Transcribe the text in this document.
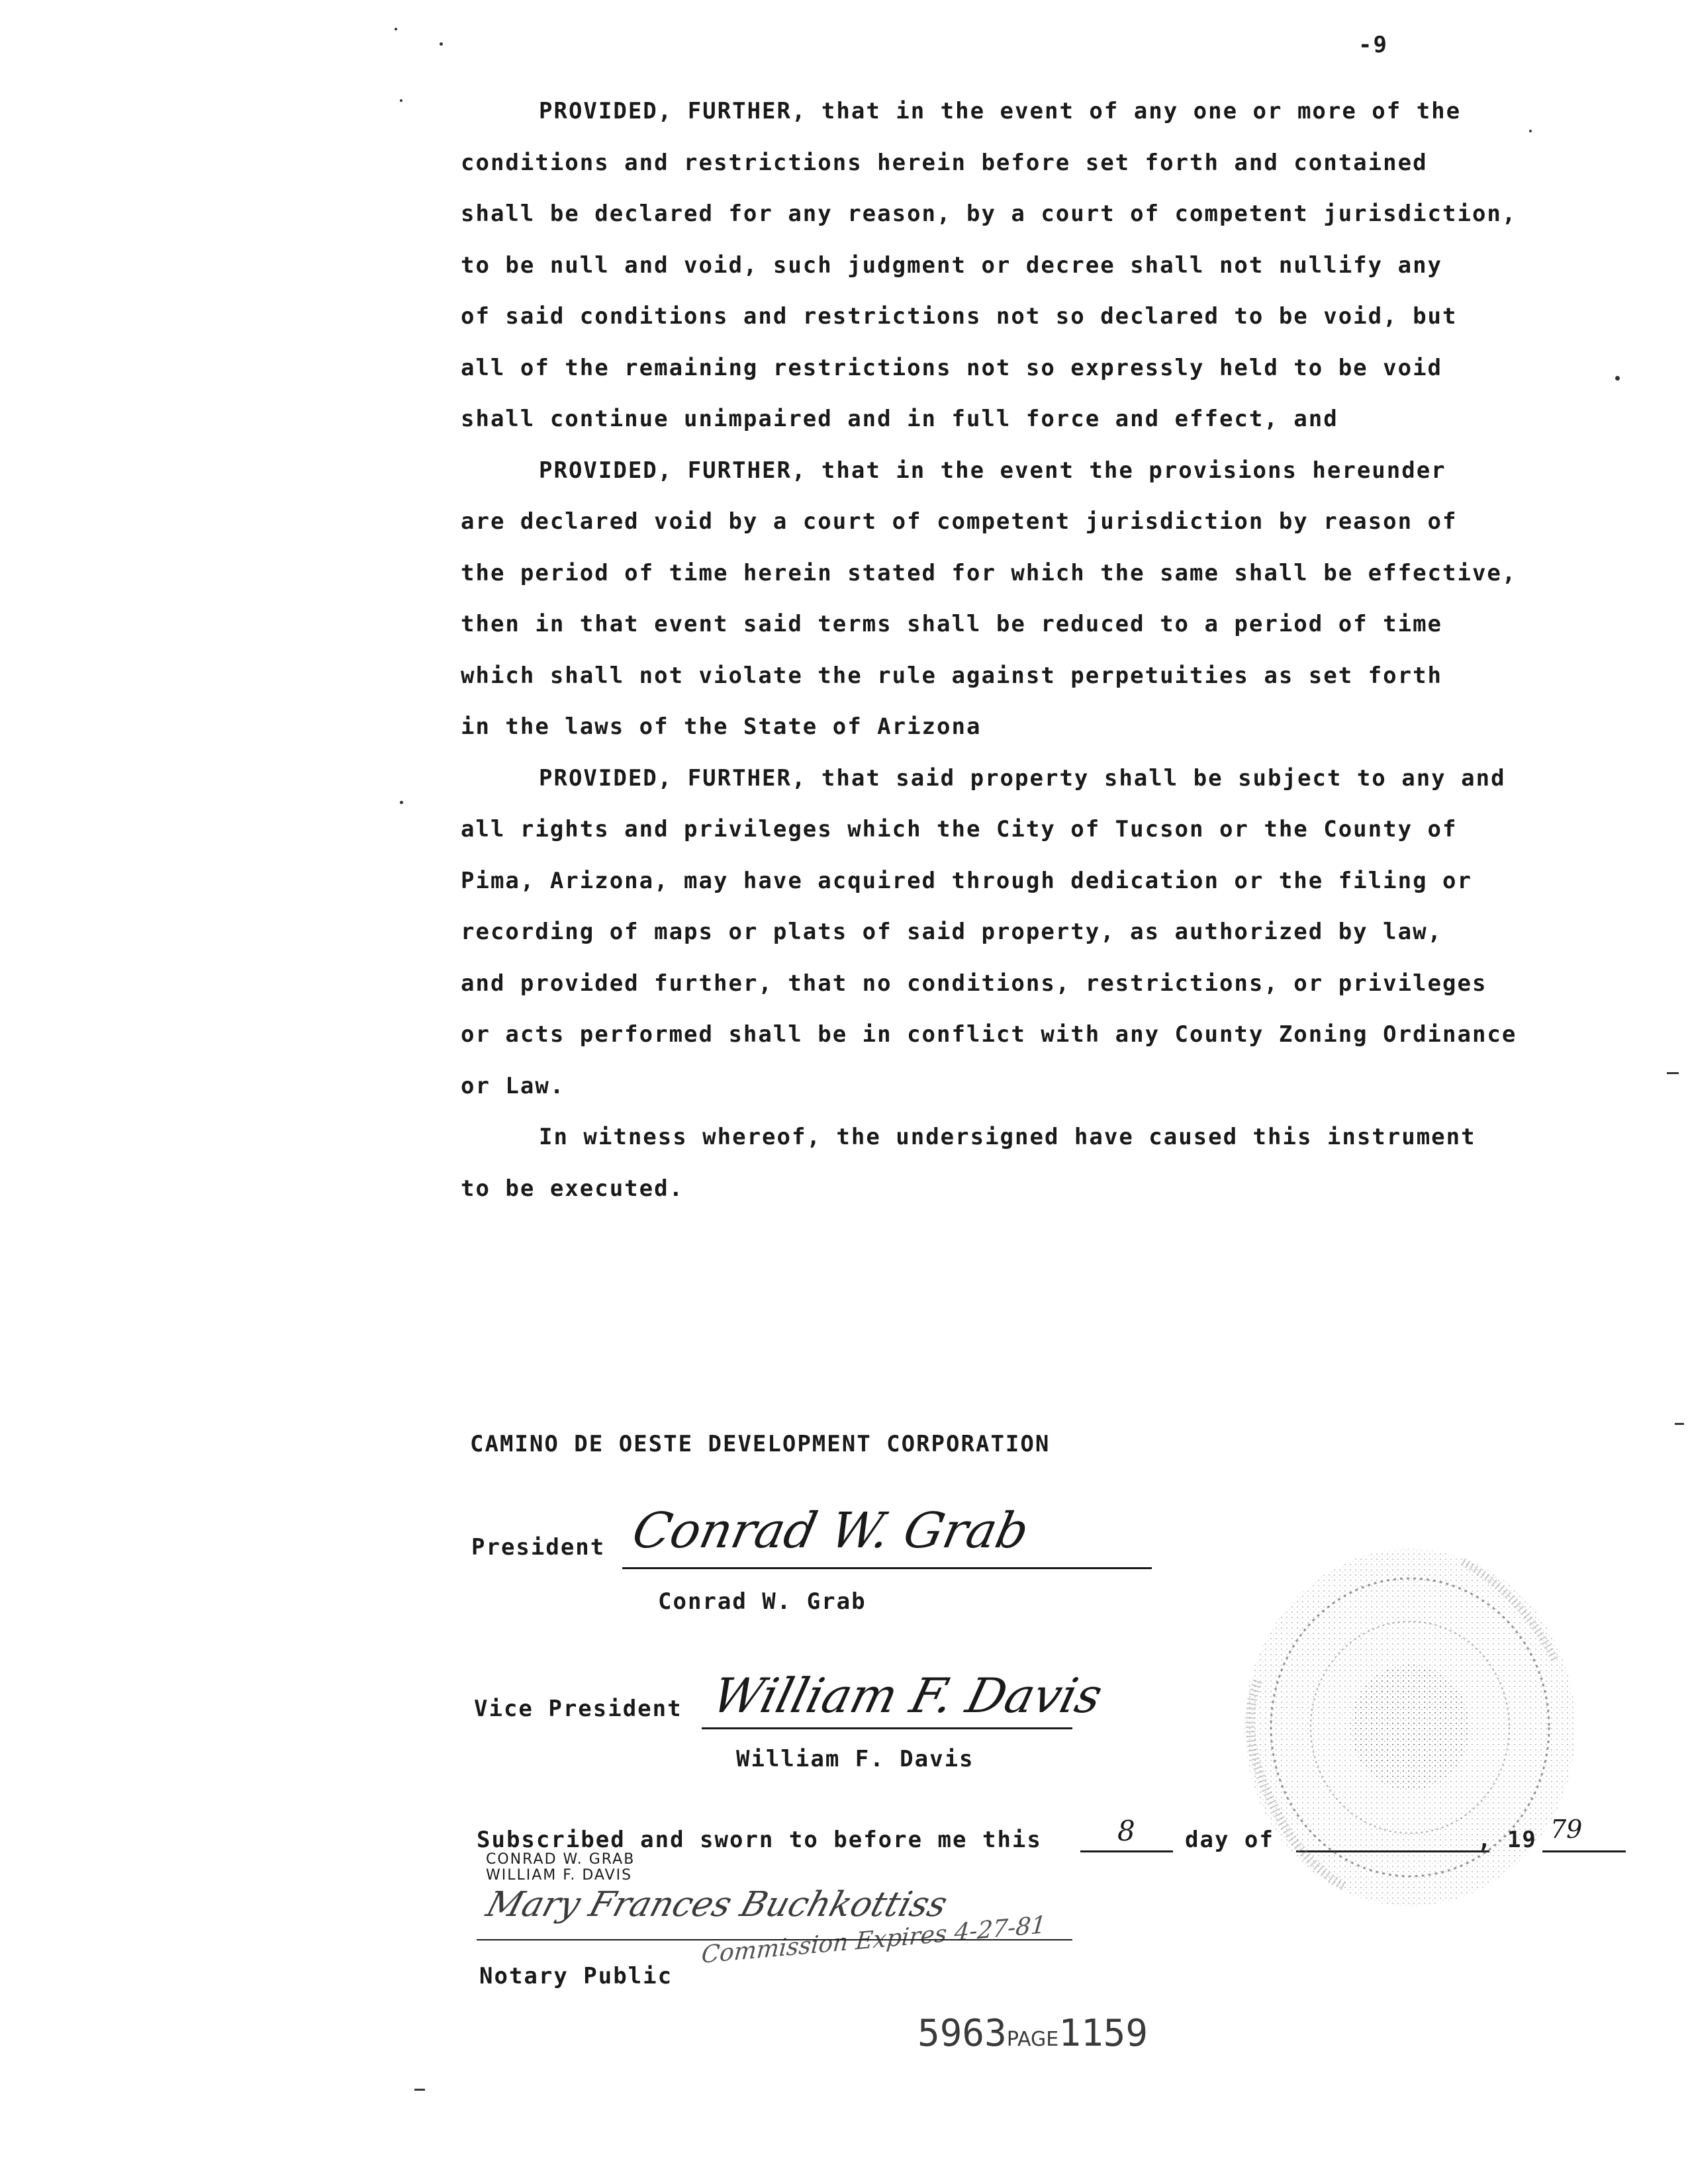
-9
PROVIDED, FURTHER, that in the event of any one or more of the
conditions and restrictions herein before set forth and contained
shall be declared for any reason, by a court of competent jurisdiction,
to be null and void, such judgment or decree shall not nullify any
of said conditions and restrictions not so declared to be void, but
all of the remaining restrictions not so expressly held to be void
shall continue unimpaired and in full force and effect, and
PROVIDED, FURTHER, that in the event the provisions hereunder
are declared void by a court of competent jurisdiction by reason of
the period of time herein stated for which the same shall be effective,
then in that event said terms shall be reduced to a period of time
which shall not violate the rule against perpetuities as set forth
in the laws of the State of Arizona
PROVIDED, FURTHER, that said property shall be subject to any and
all rights and privileges which the City of Tucson or the County of
Pima, Arizona, may have acquired through dedication or the filing or
recording of maps or plats of said property, as authorized by law,
and provided further, that no conditions, restrictions, or privileges
or acts performed shall be in conflict with any County Zoning Ordinance
or Law.
In witness whereof, the undersigned have caused this instrument
to be executed.
CAMINO DE OESTE DEVELOPMENT CORPORATION
President Conrad W. Grab
Conrad W. Grab
Vice President William F. Davis
William F. Davis
Subscribed and sworn to before me this	8 day of	, 19 79
CONRAD W. GRAB
WILLIAM F. DAVIS
Mary Frances Buchkottiss
Notary Public
Commission Expires 4-27-81
5963PAGE1159
